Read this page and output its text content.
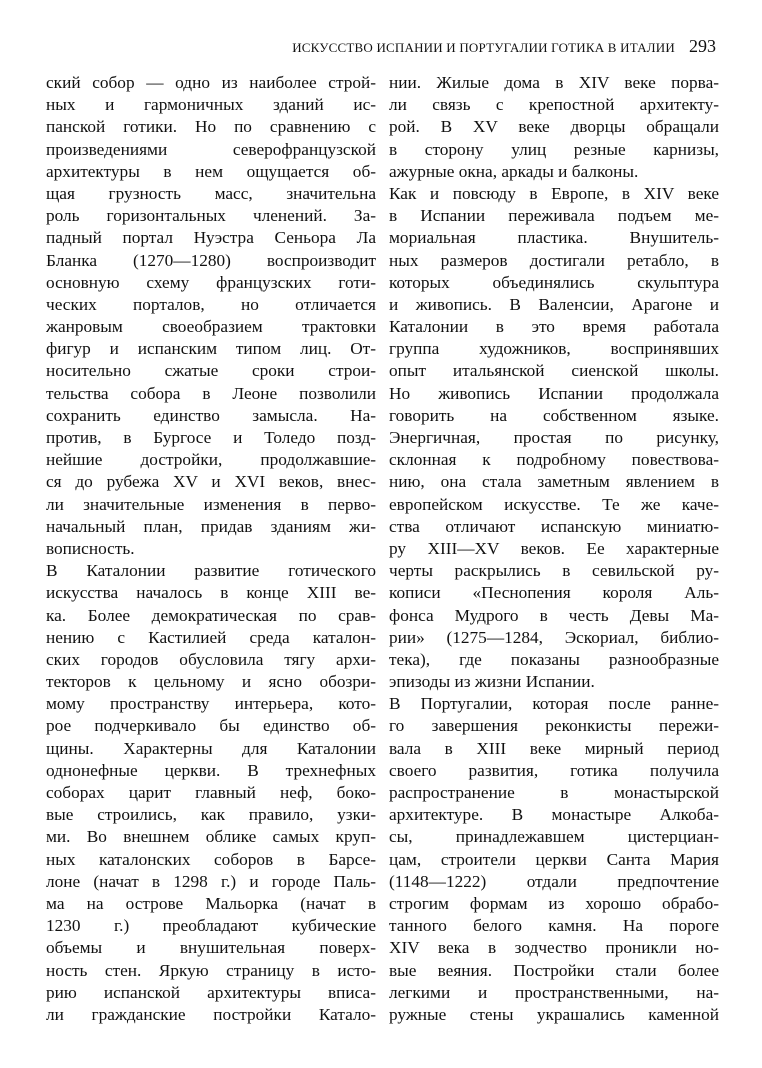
ИСКУССТВО ИСПАНИИ И ПОРТУГАЛИИ ГОТИКА В ИТАЛИИ 293
ский собор — одно из наиболее строй-
ных и гармоничных зданий ис-
панской готики. Но по сравнению с
произведениями северофранцузской
архитектуры в нем ощущается об-
щая грузность масс, значительна
роль горизонтальных членений. За-
падный портал Нуэстра Сеньора Ла
Бланка (1270—1280) воспроизводит
основную схему французских готи-
ческих порталов, но отличается
жанровым своеобразием трактовки
фигур и испанским типом лиц. От-
носительно сжатые сроки строи-
тельства собора в Леоне позволили
сохранить единство замысла. На-
против, в Бургосе и Толедо позд-
нейшие достройки, продолжавшие-
ся до рубежа XV и XVI веков, внес-
ли значительные изменения в перво-
начальный план, придав зданиям жи-
вописность.
В Каталонии развитие готического
искусства началось в конце XIII ве-
ка. Более демократическая по срав-
нению с Кастилией среда каталон-
ских городов обусловила тягу архи-
текторов к цельному и ясно обозри-
мому пространству интерьера, кото-
рое подчеркивало бы единство об-
щины. Характерны для Каталонии
однонефные церкви. В трехнефных
соборах царит главный неф, боко-
вые строились, как правило, узки-
ми. Во внешнем облике самых круп-
ных каталонских соборов в Барсе-
лоне (начат в 1298 г.) и городе Паль-
ма на острове Мальорка (начат в
1230 г.) преобладают кубические
объемы и внушительная поверх-
ность стен. Яркую страницу в исто-
рию испанской архитектуры вписа-
ли гражданские постройки Катало-
нии. Жилые дома в XIV веке порва-
ли связь с крепостной архитекту-
рой. В XV веке дворцы обращали
в сторону улиц резные карнизы,
ажурные окна, аркады и балконы.
Как и повсюду в Европе, в XIV веке
в Испании переживала подъем ме-
мориальная пластика. Внушитель-
ных размеров достигали ретабло, в
которых объединялись скульптура
и живопись. В Валенсии, Арагоне и
Каталонии в это время работала
группа художников, воспринявших
опыт итальянской сиенской школы.
Но живопись Испании продолжала
говорить на собственном языке.
Энергичная, простая по рисунку,
склонная к подробному повествова-
нию, она стала заметным явлением в
европейском искусстве. Те же каче-
ства отличают испанскую миниатю-
ру XIII—XV веков. Ее характерные
черты раскрылись в севильской ру-
кописи «Песнопения короля Аль-
фонса Мудрого в честь Девы Ма-
рии» (1275—1284, Эскориал, библио-
тека), где показаны разнообразные
эпизоды из жизни Испании.
В Португалии, которая после ранне-
го завершения реконкисты пережи-
вала в XIII веке мирный период
своего развития, готика получила
распространение в монастырской
архитектуре. В монастыре Алкоба-
сы, принадлежавшем цистерциан-
цам, строители церкви Санта Мария
(1148—1222) отдали предпочтение
строгим формам из хорошо обрабо-
танного белого камня. На пороге
XIV века в зодчество проникли но-
вые веяния. Постройки стали более
легкими и пространственными, на-
ружные стены украшались каменной
